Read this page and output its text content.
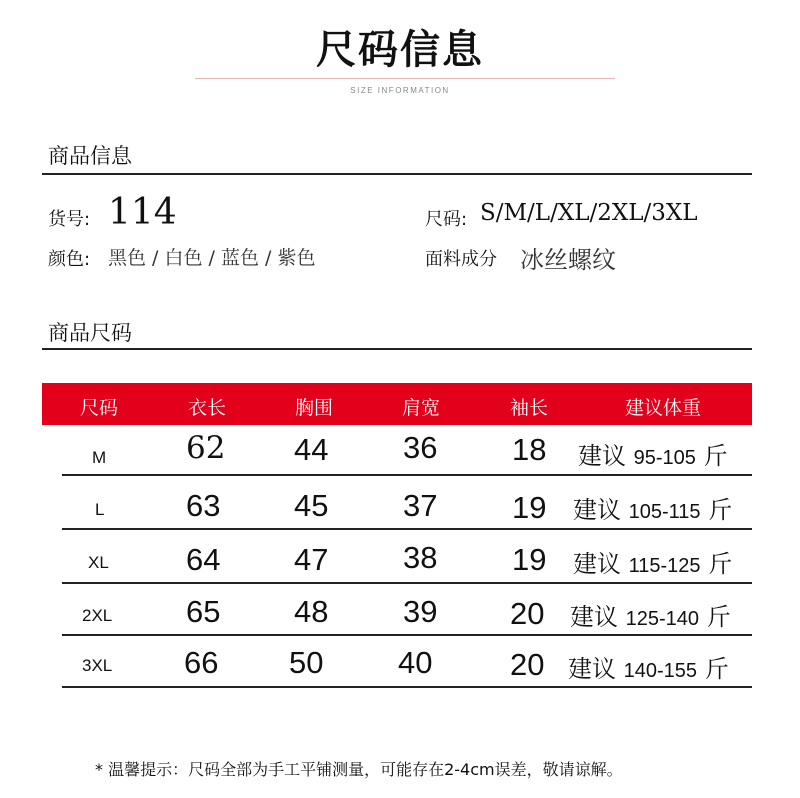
尺码信息
SIZE INFORMATION
商品信息
货号: 114	尺码: S/M/L/XL/2XL/3XL
颜色: 黑色 / 白色 / 蓝色 / 紫色	面料成分 冰丝螺纹
商品尺码
尺码	衣长	胸围	肩宽	袖长	建议体重
M	62 44 36 18 建议 95-105 斤
L	63 45 37 19 建议 105-115 斤
XL 64 47 38 19 建议 115-125 斤
2XL 65 48 39 20 建议 125-140 斤
3XL 66 50 40	20 建议 140-155 斤
* 温馨提示：尺码全部为手工平铺测量，可能存在2-4cm误差，敬请谅解。
